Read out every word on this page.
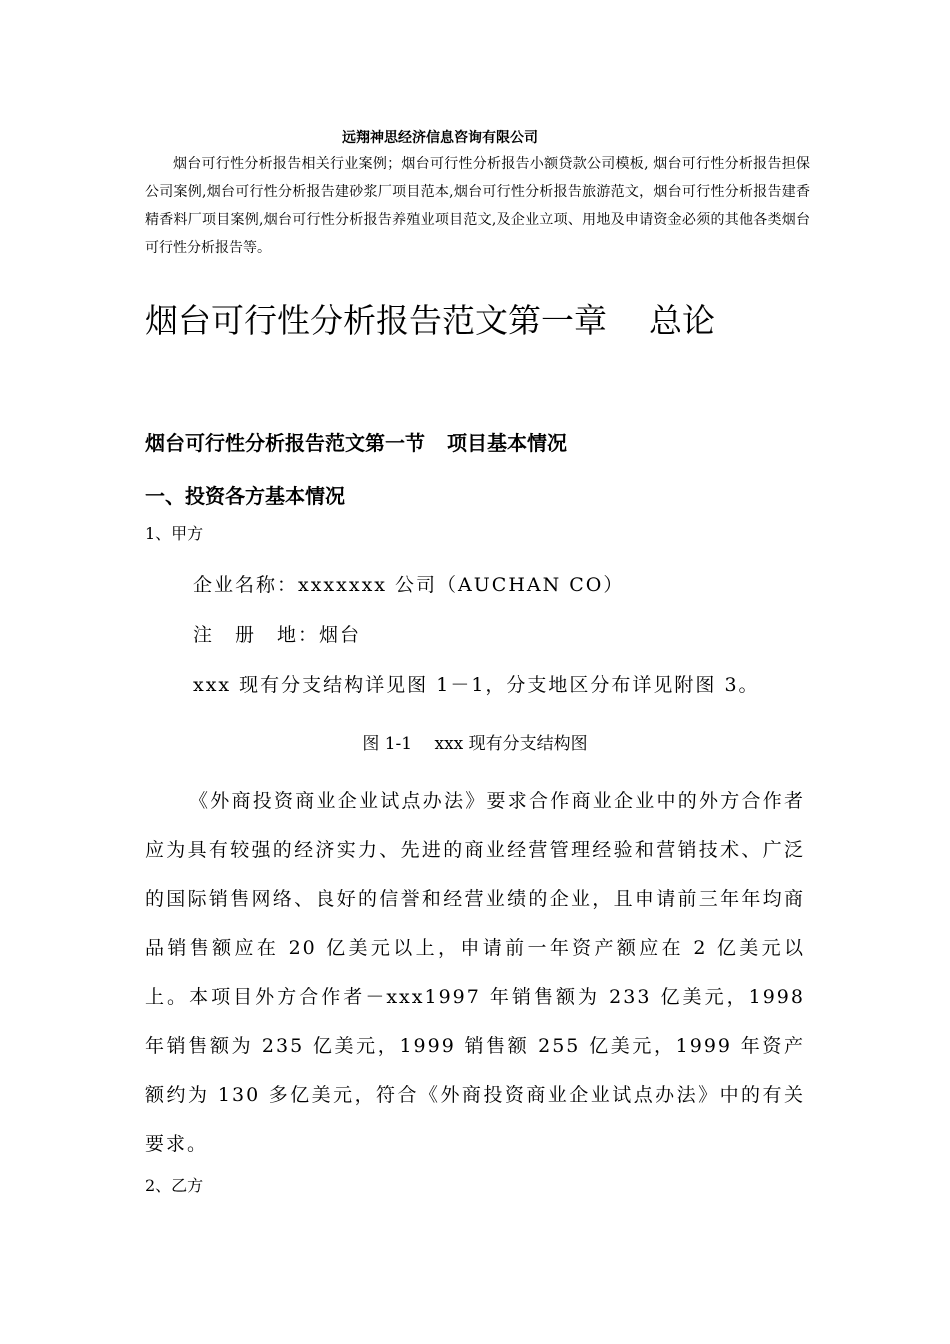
远翔神思经济信息咨询有限公司

烟台可行性分析报告相关行业案例；烟台可行性分析报告小额贷款公司模板, 烟台可行性分析报告担保公司案例,烟台可行性分析报告建砂浆厂项目范本,烟台可行性分析报告旅游范文，烟台可行性分析报告建香精香料厂项目案例,烟台可行性分析报告养殖业项目范文,及企业立项、用地及申请资金必须的其他各类烟台可行性分析报告等。

烟台可行性分析报告范文第一章 总论
烟台可行性分析报告范文第一节 项目基本情况
一、投资各方基本情况
1、甲方
企业名称：xxxxxxx 公司（AUCHAN CO）
注　册　地：烟台
xxx 现有分支结构详见图 1－1，分支地区分布详见附图 3。
图 1-1　 xxx 现有分支结构图

《外商投资商业企业试点办法》要求合作商业企业中的外方合作者应为具有较强的经济实力、先进的商业经营管理经验和营销技术、广泛的国际销售网络、良好的信誉和经营业绩的企业，且申请前三年年均商品销售额应在 20 亿美元以上，申请前一年资产额应在 2 亿美元以上。本项目外方合作者－xxx1997 年销售额为 233 亿美元，1998 年销售额为 235 亿美元，1999 销售额 255 亿美元，1999 年资产额约为 130 多亿美元，符合《外商投资商业企业试点办法》中的有关要求。

2、乙方
